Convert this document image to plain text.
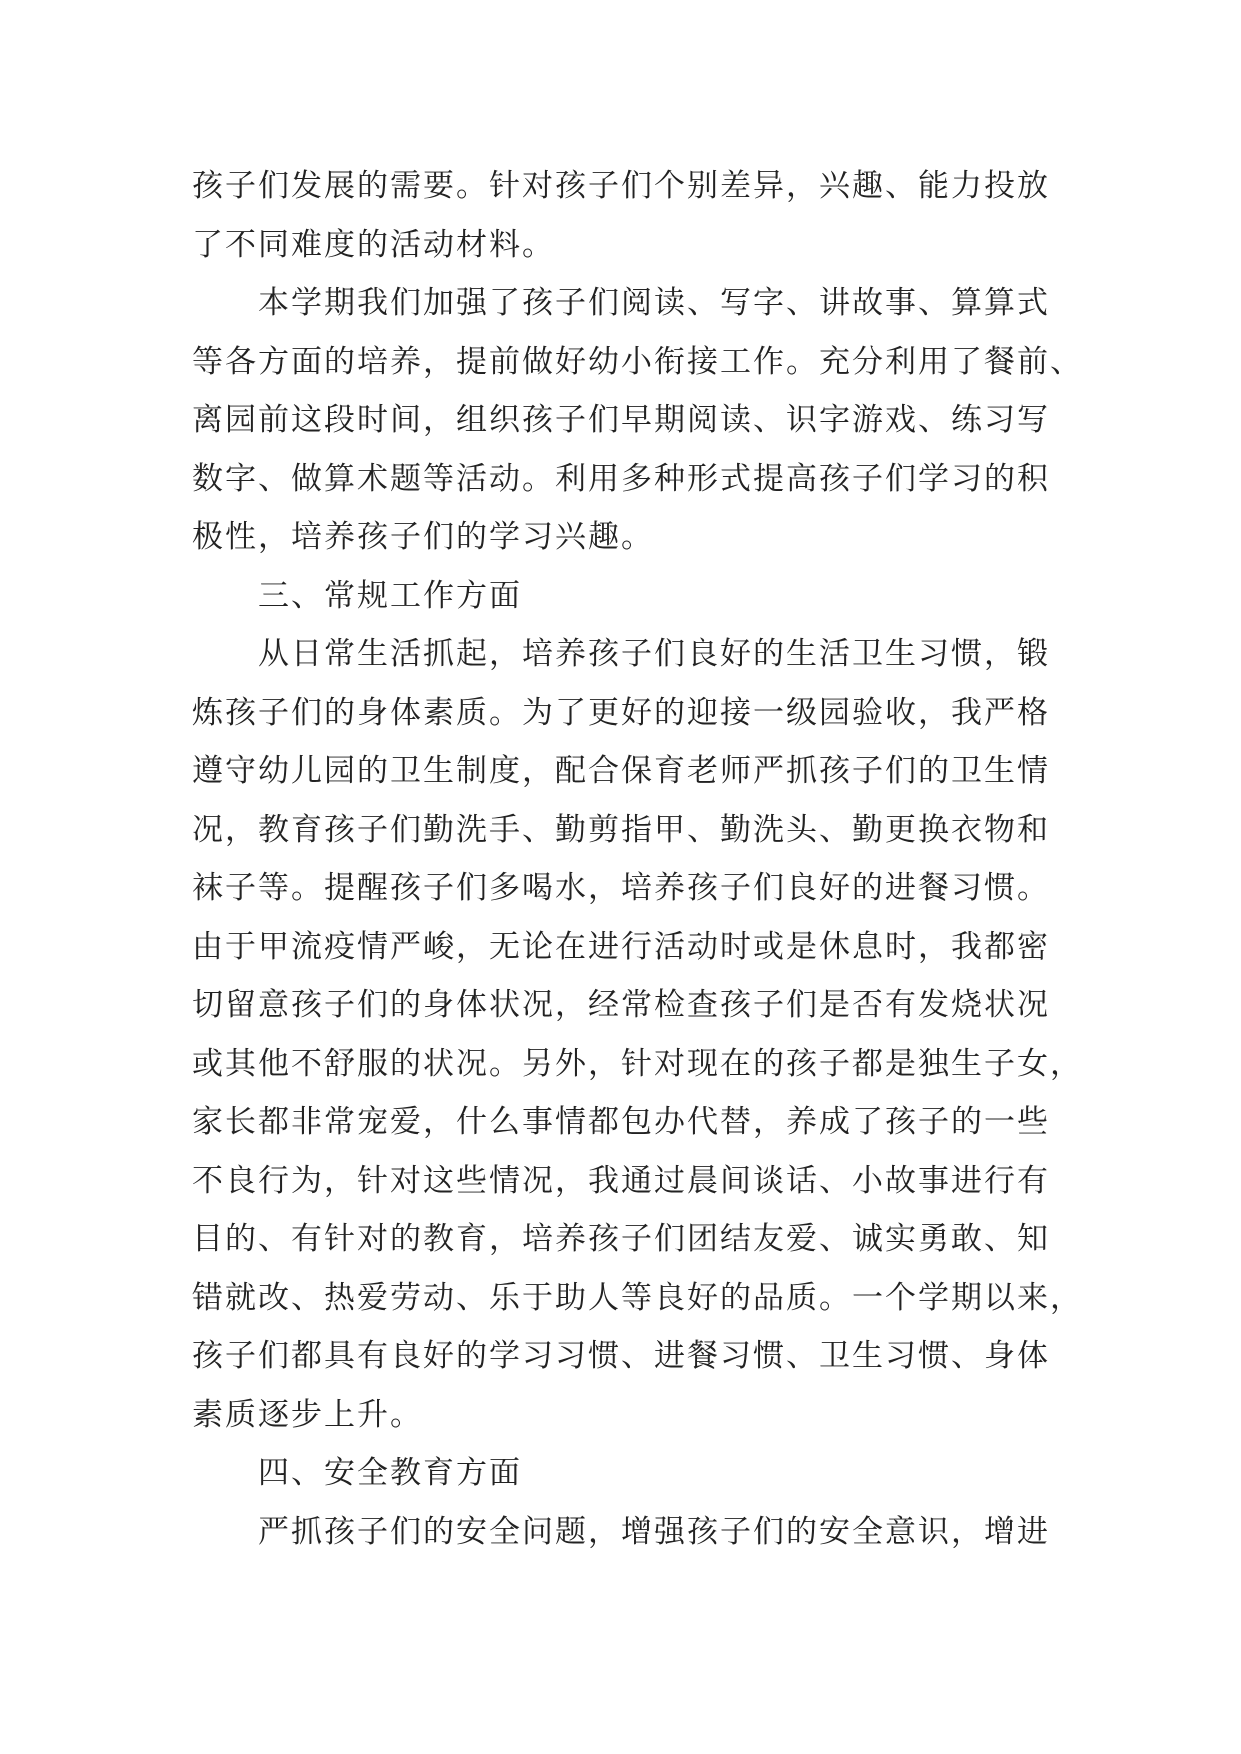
孩子们发展的需要。针对孩子们个别差异，兴趣、能力投放
了不同难度的活动材料。
本学期我们加强了孩子们阅读、写字、讲故事、算算式
等各方面的培养，提前做好幼小衔接工作。充分利用了餐前、
离园前这段时间，组织孩子们早期阅读、识字游戏、练习写
数字、做算术题等活动。利用多种形式提高孩子们学习的积
极性，培养孩子们的学习兴趣。
三、常规工作方面
从日常生活抓起，培养孩子们良好的生活卫生习惯，锻
炼孩子们的身体素质。为了更好的迎接一级园验收，我严格
遵守幼儿园的卫生制度，配合保育老师严抓孩子们的卫生情
况，教育孩子们勤洗手、勤剪指甲、勤洗头、勤更换衣物和
袜子等。提醒孩子们多喝水，培养孩子们良好的进餐习惯。
由于甲流疫情严峻，无论在进行活动时或是休息时，我都密
切留意孩子们的身体状况，经常检查孩子们是否有发烧状况
或其他不舒服的状况。另外，针对现在的孩子都是独生子女，
家长都非常宠爱，什么事情都包办代替，养成了孩子的一些
不良行为，针对这些情况，我通过晨间谈话、小故事进行有
目的、有针对的教育，培养孩子们团结友爱、诚实勇敢、知
错就改、热爱劳动、乐于助人等良好的品质。一个学期以来，
孩子们都具有良好的学习习惯、进餐习惯、卫生习惯、身体
素质逐步上升。
四、安全教育方面
严抓孩子们的安全问题，增强孩子们的安全意识，增进
